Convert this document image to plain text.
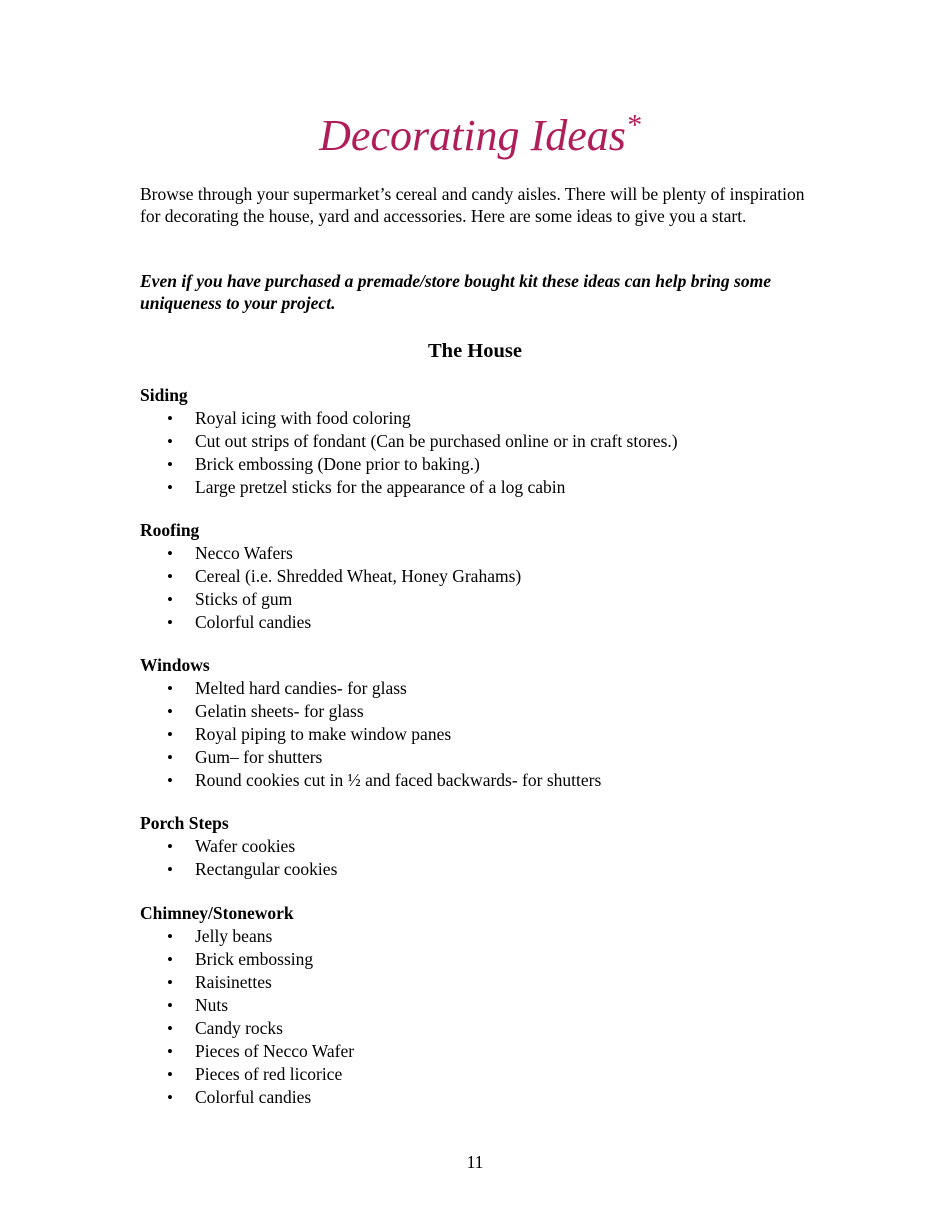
Decorating Ideas*

Browse through your supermarket’s cereal and candy aisles. There will be plenty of inspiration for decorating the house, yard and accessories. Here are some ideas to give you a start.

Even if you have purchased a premade/store bought kit these ideas can help bring some uniqueness to your project.

The House
Siding
• Royal icing with food coloring
• Cut out strips of fondant (Can be purchased online or in craft stores.)
• Brick embossing (Done prior to baking.)
• Large pretzel sticks for the appearance of a log cabin
Roofing
• Necco Wafers
• Cereal (i.e. Shredded Wheat, Honey Grahams)
• Sticks of gum
• Colorful candies
Windows
• Melted hard candies- for glass
• Gelatin sheets- for glass
• Royal piping to make window panes
• Gum– for shutters
• Round cookies cut in ½ and faced backwards- for shutters
Porch Steps
• Wafer cookies
• Rectangular cookies
Chimney/Stonework
• Jelly beans
• Brick embossing
• Raisinettes
• Nuts
• Candy rocks
• Pieces of Necco Wafer
• Pieces of red licorice
• Colorful candies

11
